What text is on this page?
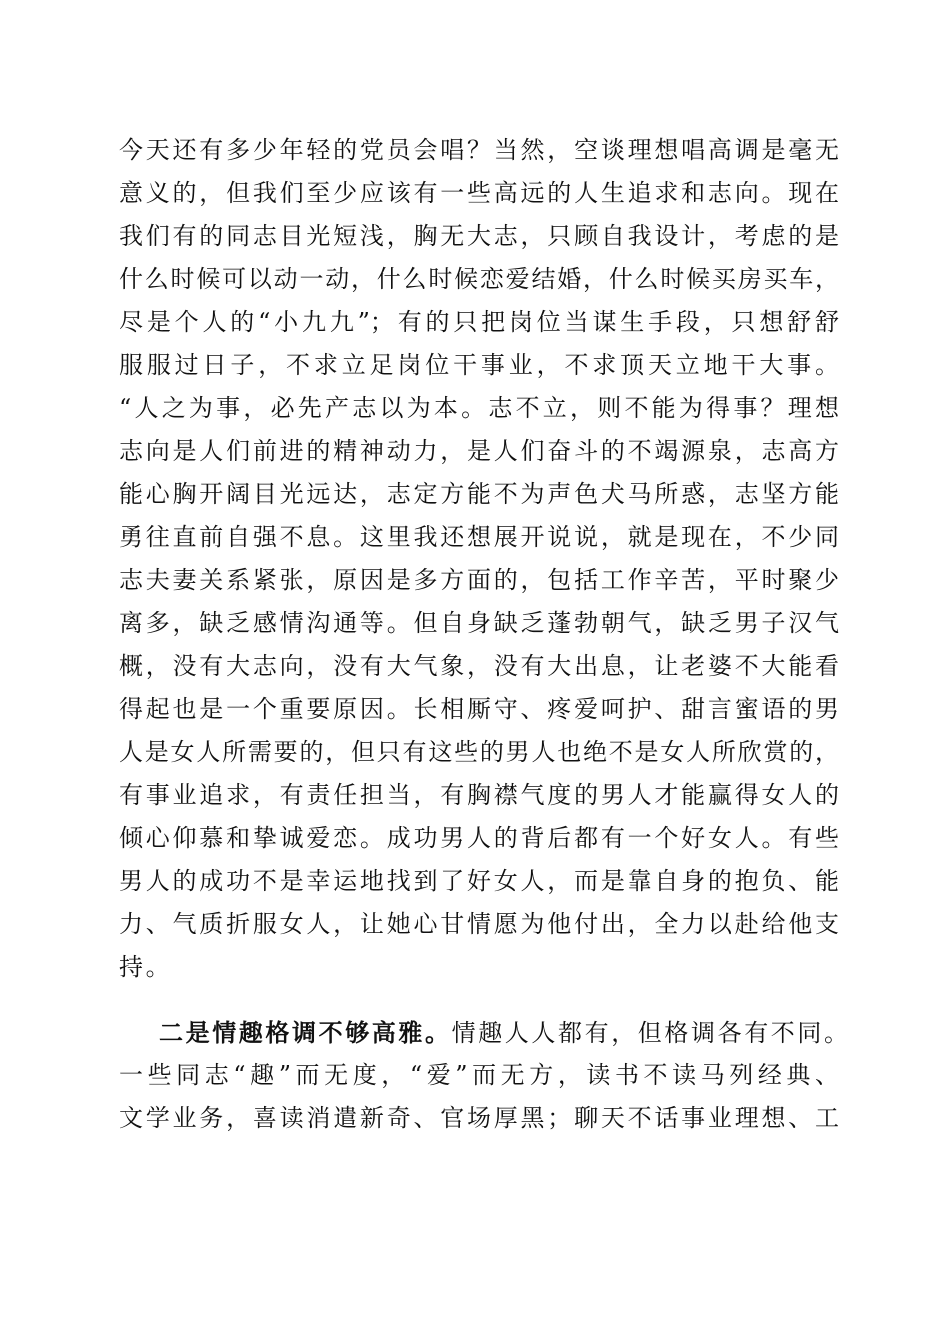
今天还有多少年轻的党员会唱？当然，空谈理想唱高调是毫无
意义的，但我们至少应该有一些高远的人生追求和志向。现在
我们有的同志目光短浅，胸无大志，只顾自我设计，考虑的是
什么时候可以动一动，什么时候恋爱结婚，什么时候买房买车，
尽是个人的“小九九”；有的只把岗位当谋生手段，只想舒舒
服服过日子，不求立足岗位干事业，不求顶天立地干大事。
“人之为事，必先产志以为本。志不立，则不能为得事？理想
志向是人们前进的精神动力，是人们奋斗的不竭源泉，志高方
能心胸开阔目光远达，志定方能不为声色犬马所惑，志坚方能
勇往直前自强不息。这里我还想展开说说，就是现在，不少同
志夫妻关系紧张，原因是多方面的，包括工作辛苦，平时聚少
离多，缺乏感情沟通等。但自身缺乏蓬勃朝气，缺乏男子汉气
概，没有大志向，没有大气象，没有大出息，让老婆不大能看
得起也是一个重要原因。长相厮守、疼爱呵护、甜言蜜语的男
人是女人所需要的，但只有这些的男人也绝不是女人所欣赏的，
有事业追求，有责任担当，有胸襟气度的男人才能赢得女人的
倾心仰慕和挚诚爱恋。成功男人的背后都有一个好女人。有些
男人的成功不是幸运地找到了好女人，而是靠自身的抱负、能
力、气质折服女人，让她心甘情愿为他付出，全力以赴给他支
持。
二是情趣格调不够高雅。情趣人人都有，但格调各有不同。
一些同志“趣”而无度，“爱”而无方，读书不读马列经典、
文学业务，喜读消遣新奇、官场厚黑；聊天不话事业理想、工
